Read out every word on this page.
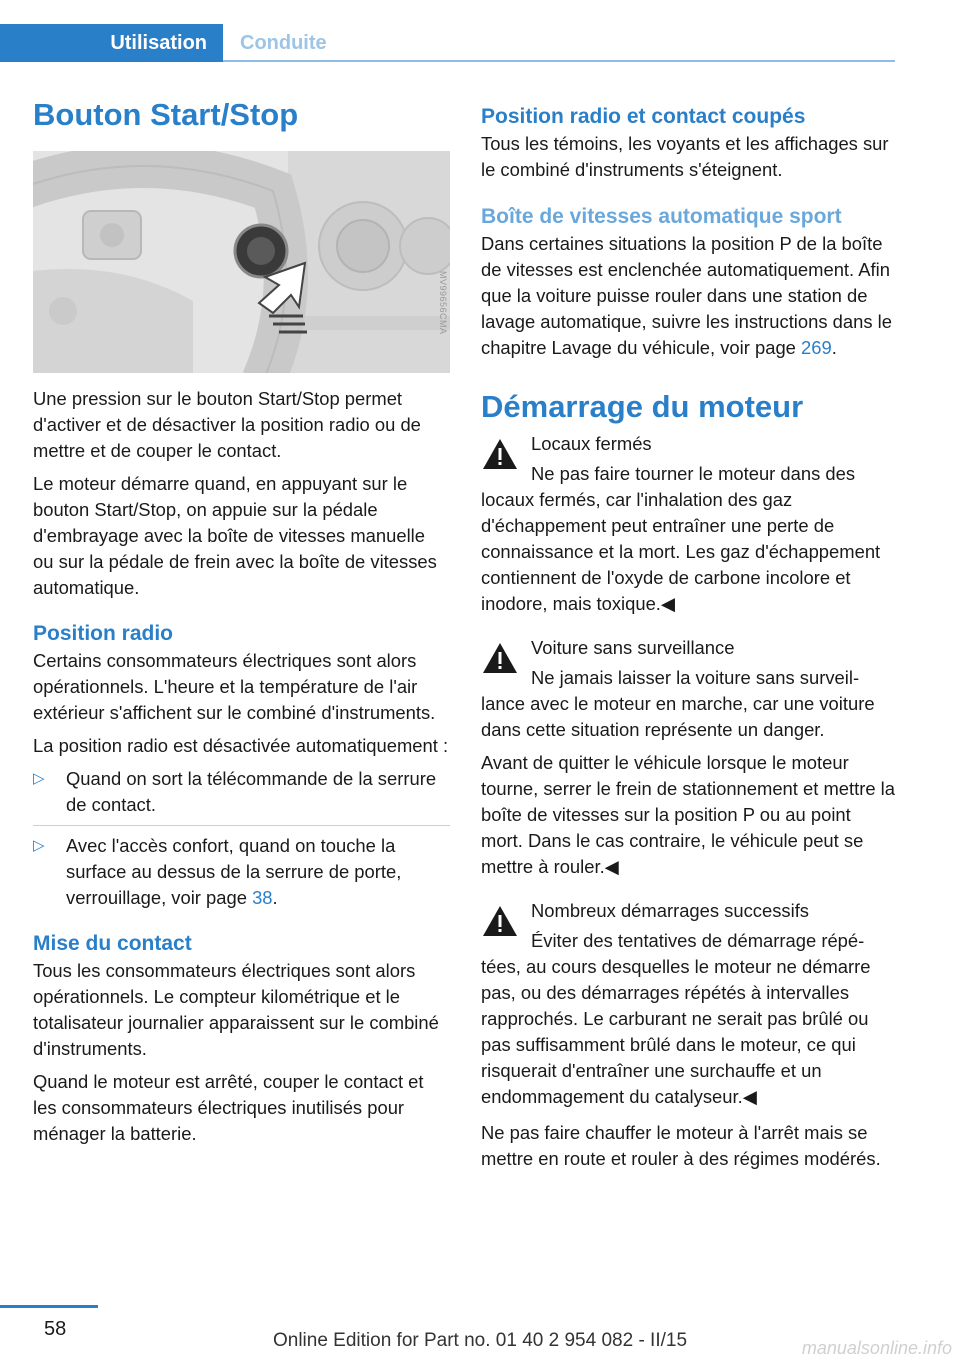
Utilisation	Conduite
Bouton Start/Stop
MV99656CMA

Une pression sur le bouton Start/Stop permet d'activer et de désactiver la position radio ou de mettre et de couper le contact.

Le moteur démarre quand, en appuyant sur le bouton Start/Stop, on appuie sur la pédale d'embrayage avec la boîte de vitesses manuelle ou sur la pédale de frein avec la boîte de vitesses automatique.

Position radio

Certains consommateurs électriques sont alors opérationnels. L'heure et la température de l'air extérieur s'affichent sur le combiné d'instruments.

La position radio est désactivée automatiquement :

▷ Quand on sort la télécommande de la serrure de contact.
▷ Avec l'accès confort, quand on touche la surface au dessus de la serrure de porte, verrouillage, voir page 38.
Mise du contact

Tous les consommateurs électriques sont alors opérationnels. Le compteur kilométrique et le totalisateur journalier apparaissent sur le combiné d'instruments.

Quand le moteur est arrêté, couper le contact et les consommateurs électriques inutilisés pour ménager la batterie.

Position radio et contact coupés

Tous les témoins, les voyants et les affichages sur le combiné d'instruments s'éteignent.

Boîte de vitesses automatique sport

Dans certaines situations la position P de la boîte de vitesses est enclenchée automatiquement. Afin que la voiture puisse rouler dans une station de lavage automatique, suivre les instructions dans le chapitre Lavage du véhicule, voir page 269.

Démarrage du moteur

Locaux fermés

Ne pas faire tourner le moteur dans des locaux fermés, car l'inhalation des gaz d'échappement peut entraîner une perte de connaissance et la mort. Les gaz d'échappement contiennent de l'oxyde de carbone incolore et inodore, mais toxique.◀

Voiture sans surveillance

Ne jamais laisser la voiture sans surveillance avec le moteur en marche, car une voiture dans cette situation représente un danger.

Avant de quitter le véhicule lorsque le moteur tourne, serrer le frein de stationnement et mettre la boîte de vitesses sur la position P ou au point mort. Dans le cas contraire, le véhicule peut se mettre à rouler.◀

Nombreux démarrages successifs

Éviter des tentatives de démarrage répétées, au cours desquelles le moteur ne démarre pas, ou des démarrages répétés à intervalles rapprochés. Le carburant ne serait pas brûlé ou pas suffisamment brûlé dans le moteur, ce qui risquerait d'entraîner une surchauffe et un endommagement du catalyseur.◀

Ne pas faire chauffer le moteur à l'arrêt mais se mettre en route et rouler à des régimes modérés.

58
Online Edition for Part no. 01 40 2 954 082 - II/15	manualsonline.info
